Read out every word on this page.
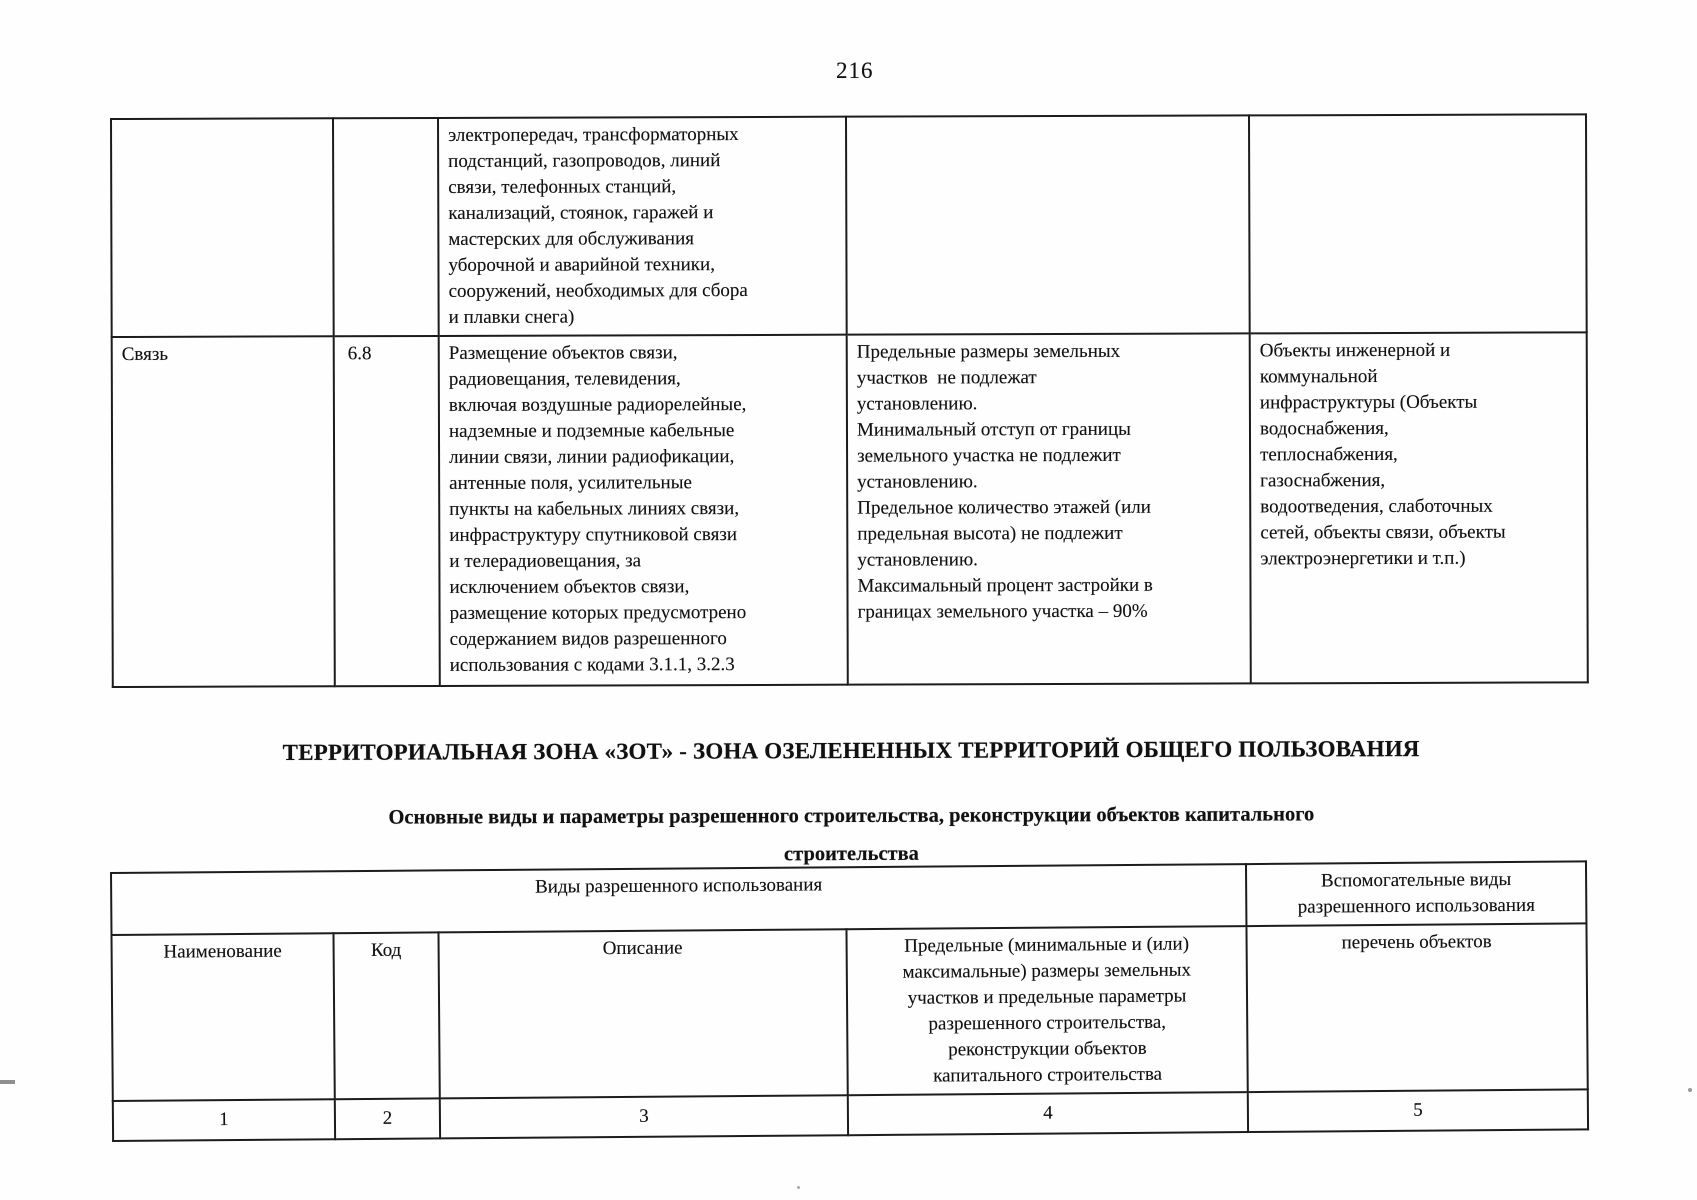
216
		электропередач, трансформаторных
подстанций, газопроводов, линий
связи, телефонных станций,
канализаций, стоянок, гаражей и
мастерских для обслуживания
уборочной и аварийной техники,
сооружений, необходимых для сбора
и плавки снега)		
Связь	6.8	Размещение объектов связи,
радиовещания, телевидения,
включая воздушные радиорелейные,
надземные и подземные кабельные
линии связи, линии радиофикации,
антенные поля, усилительные
пункты на кабельных линиях связи,
инфраструктуру спутниковой связи
и телерадиовещания, за
исключением объектов связи,
размещение которых предусмотрено
содержанием видов разрешенного
использования с кодами 3.1.1, 3.2.3	Предельные размеры земельных
участков  не подлежат
установлению.
Минимальный отступ от границы
земельного участка не подлежит
установлению.
Предельное количество этажей (или
предельная высота) не подлежит
установлению.
Максимальный процент застройки в
границах земельного участка – 90%	Объекты инженерной и
коммунальной
инфраструктуры (Объекты
водоснабжения,
теплоснабжения,
газоснабжения,
водоотведения, слаботочных
сетей, объекты связи, объекты
электроэнергетики и т.п.)
ТЕРРИТОРИАЛЬНАЯ ЗОНА «ЗОТ» - ЗОНА ОЗЕЛЕНЕННЫХ ТЕРРИТОРИЙ ОБЩЕГО ПОЛЬЗОВАНИЯ
Основные виды и параметры разрешенного строительства, реконструкции объектов капитального
строительства
Виды разрешенного использования				Вспомогательные виды
разрешенного использования
Наименование	Код	Описание	Предельные (минимальные и (или)
максимальные) размеры земельных
участков и предельные параметры
разрешенного строительства,
реконструкции объектов
капитального строительства	перечень объектов
1	2	3	4	5
